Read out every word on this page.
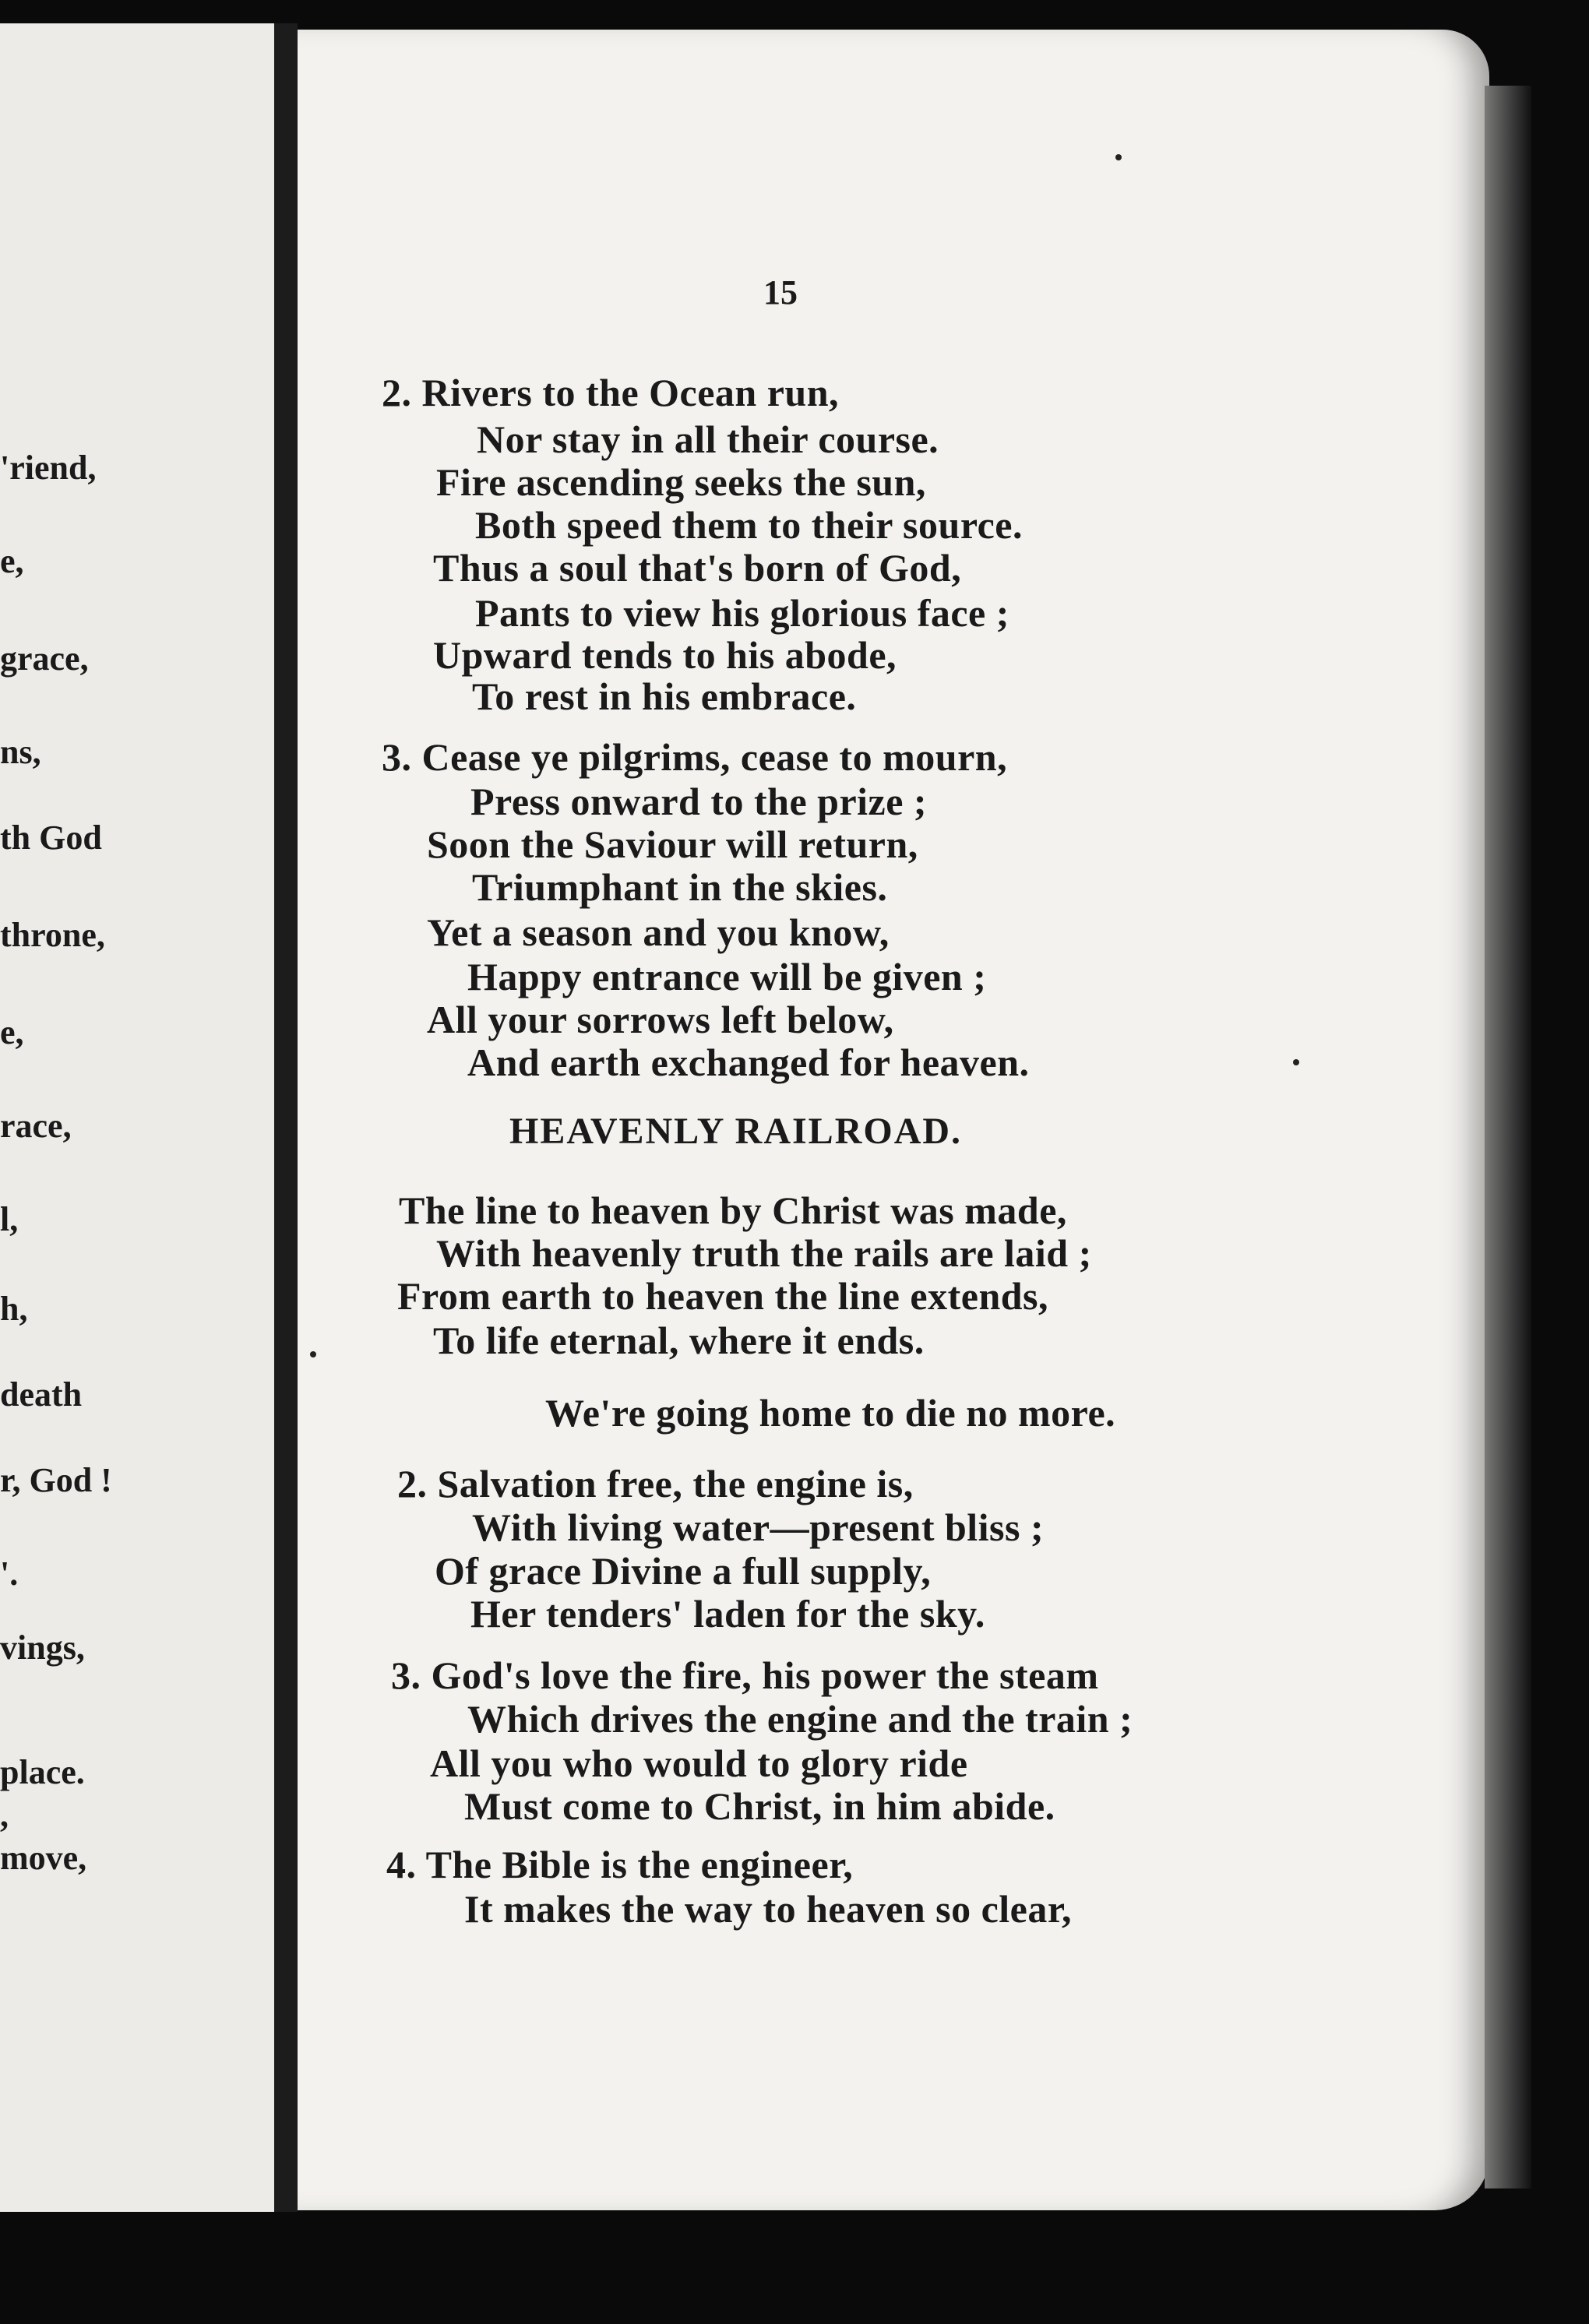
'riend,
e,
grace,
ns,
th God
throne,
e,
race,
l,
h,
death
r, God !
'.
vings,
place.
,
move,
15
2. Rivers to the Ocean run,
Nor stay in all their course.
Fire ascending seeks the sun,
Both speed them to their source.
Thus a soul that's born of God,
Pants to view his glorious face ;
Upward tends to his abode,
To rest in his embrace.
3. Cease ye pilgrims, cease to mourn,
Press onward to the prize ;
Soon the Saviour will return,
Triumphant in the skies.
Yet a season and you know,
Happy entrance will be given ;
All your sorrows left below,
And earth exchanged for heaven.
HEAVENLY RAILROAD.
The line to heaven by Christ was made,
With heavenly truth the rails are laid ;
From earth to heaven the line extends,
To life eternal, where it ends.
We're going home to die no more.
2. Salvation free, the engine is,
With living water—present bliss ;
Of grace Divine a full supply,
Her tenders' laden for the sky.
3. God's love the fire, his power the steam
Which drives the engine and the train ;
All you who would to glory ride
Must come to Christ, in him abide.
4. The Bible is the engineer,
It makes the way to heaven so clear,
